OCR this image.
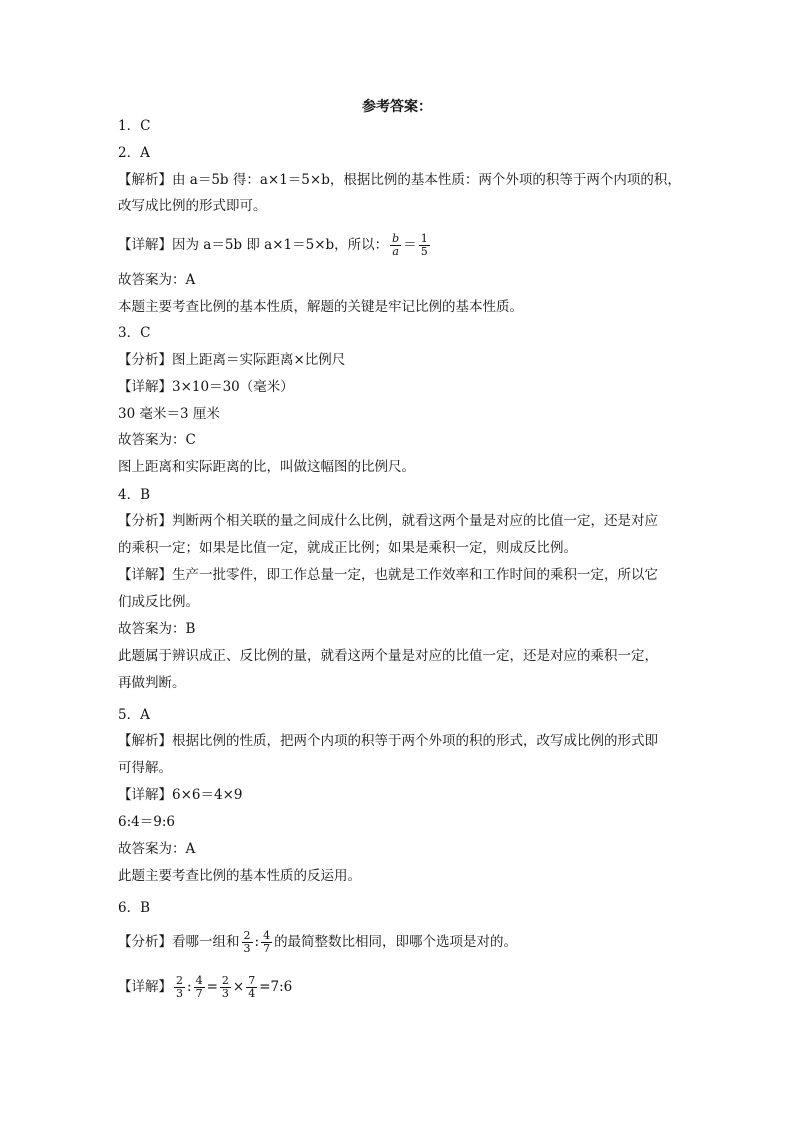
参考答案：
1．C
2．A
【解析】由 a＝5b 得：a×1＝5×b，根据比例的基本性质：两个外项的积等于两个内项的积，
改写成比例的形式即可。
故答案为：A
本题主要考查比例的基本性质，解题的关键是牢记比例的基本性质。
3．C
【分析】图上距离＝实际距离×比例尺
【详解】3×10＝30（毫米）
30 毫米＝3 厘米
故答案为：C
图上距离和实际距离的比，叫做这幅图的比例尺。
4．B
【分析】判断两个相关联的量之间成什么比例，就看这两个量是对应的比值一定，还是对应
的乘积一定；如果是比值一定，就成正比例；如果是乘积一定，则成反比例。
【详解】生产一批零件，即工作总量一定，也就是工作效率和工作时间的乘积一定，所以它
们成反比例。
故答案为：B
此题属于辨识成正、反比例的量，就看这两个量是对应的比值一定，还是对应的乘积一定，
再做判断。
5．A
【解析】根据比例的性质，把两个内项的积等于两个外项的积的形式，改写成比例的形式即
可得解。
【详解】6×6＝4×9
6:4＝9:6
故答案为：A
此题主要考查比例的基本性质的反运用。
6．B
【详解】因为 a＝5b 即 a×1＝5×b，所以： $\frac{b}{a} = \frac{1}{5}$
【分析】看哪一组和 $\frac{2}{3}$ : $\frac{4}{7}$ 的最简整数比相同，即哪个选项是对的。
【详解】 $\frac{2}{3}$ : $\frac{4}{7} = \frac{2}{3} \times \frac{7}{4}$ =7:6
